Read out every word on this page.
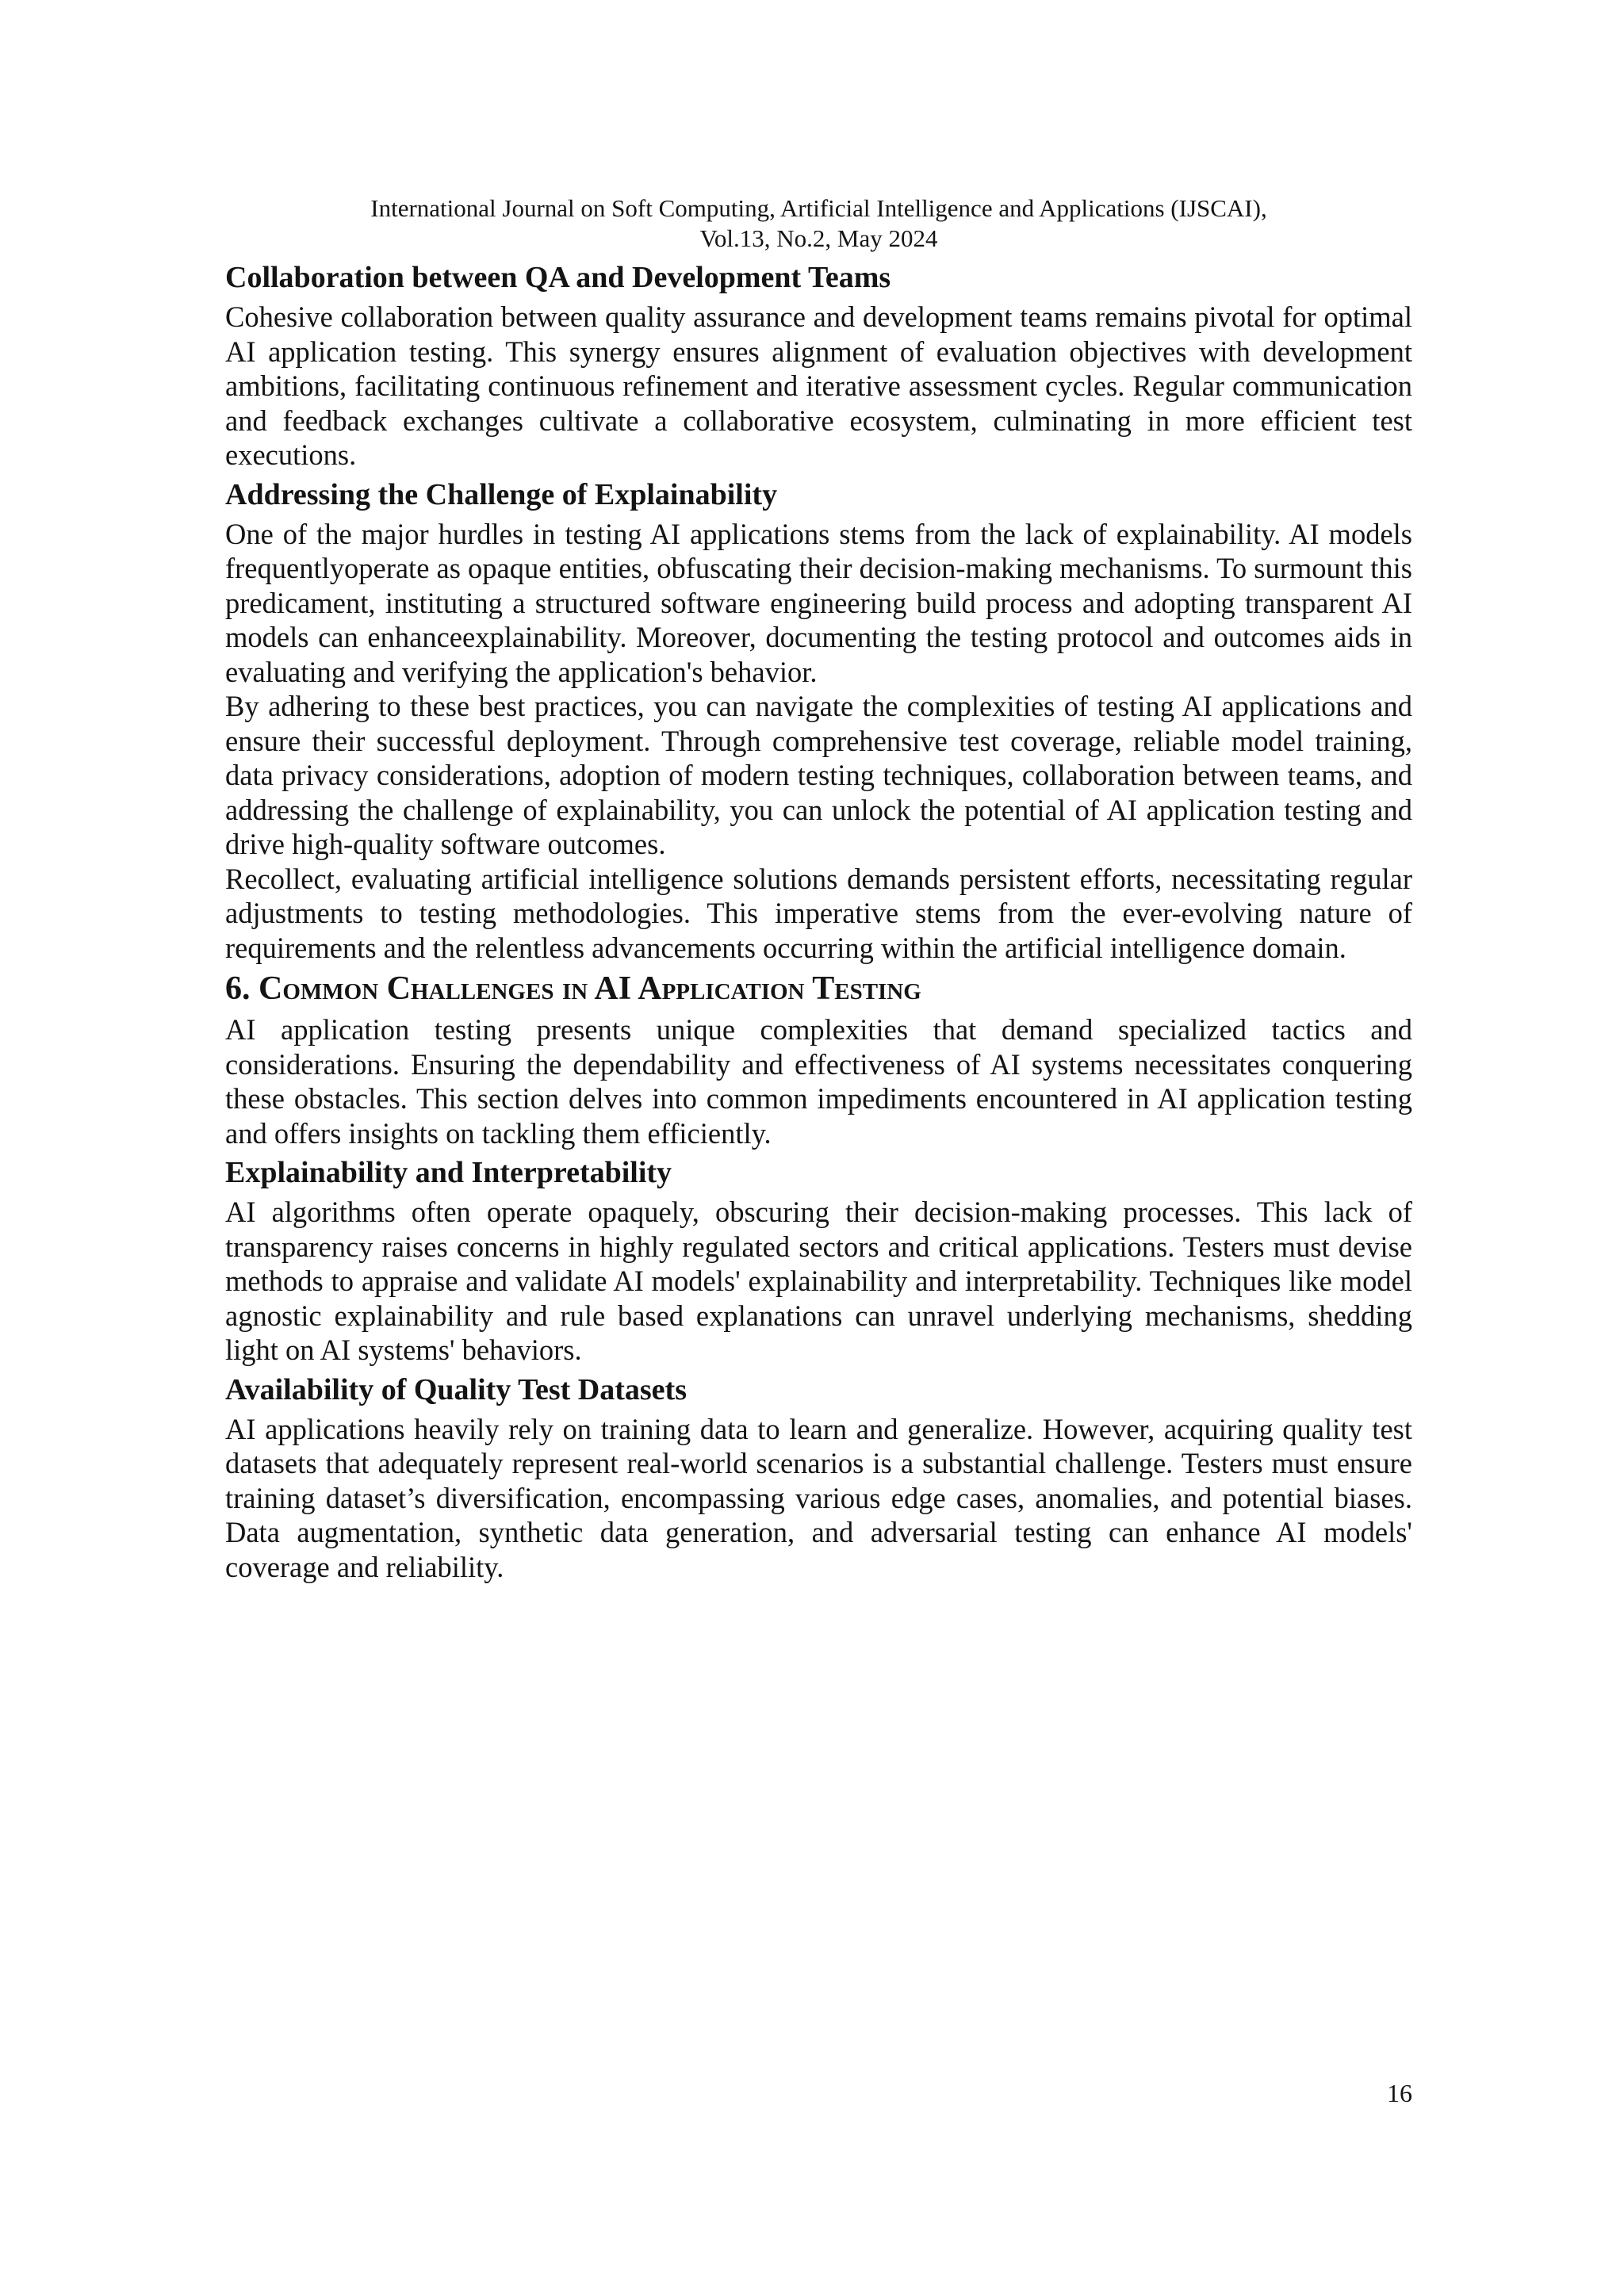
International Journal on Soft Computing, Artificial Intelligence and Applications (IJSCAI),
Vol.13, No.2, May 2024
Collaboration between QA and Development Teams

Cohesive collaboration between quality assurance and development teams remains pivotal for optimal AI application testing. This synergy ensures alignment of evaluation objectives with development ambitions, facilitating continuous refinement and iterative assessment cycles. Regular communication and feedback exchanges cultivate a collaborative ecosystem, culminating in more efficient test executions.

Addressing the Challenge of Explainability

One of the major hurdles in testing AI applications stems from the lack of explainability. AI models frequentlyoperate as opaque entities, obfuscating their decision-making mechanisms. To surmount this predicament, instituting a structured software engineering build process and adopting transparent AI models can enhanceexplainability. Moreover, documenting the testing protocol and outcomes aids in evaluating and verifying the application's behavior.

By adhering to these best practices, you can navigate the complexities of testing AI applications and ensure their successful deployment. Through comprehensive test coverage, reliable model training, data privacy considerations, adoption of modern testing techniques, collaboration between teams, and addressing the challenge of explainability, you can unlock the potential of AI application testing and drive high-quality software outcomes.

Recollect, evaluating artificial intelligence solutions demands persistent efforts, necessitating regular adjustments to testing methodologies. This imperative stems from the ever-evolving nature of requirements and the relentless advancements occurring within the artificial intelligence domain.

6. Common Challenges in AI Application Testing

AI application testing presents unique complexities that demand specialized tactics and considerations. Ensuring the dependability and effectiveness of AI systems necessitates conquering these obstacles. This section delves into common impediments encountered in AI application testing and offers insights on tackling them efficiently.

Explainability and Interpretability

AI algorithms often operate opaquely, obscuring their decision-making processes. This lack of transparency raises concerns in highly regulated sectors and critical applications. Testers must devise methods to appraise and validate AI models' explainability and interpretability. Techniques like model agnostic explainability and rule based explanations can unravel underlying mechanisms, shedding light on AI systems' behaviors.

Availability of Quality Test Datasets

AI applications heavily rely on training data to learn and generalize. However, acquiring quality test datasets that adequately represent real-world scenarios is a substantial challenge. Testers must ensure training dataset’s diversification, encompassing various edge cases, anomalies, and potential biases. Data augmentation, synthetic data generation, and adversarial testing can enhance AI models' coverage and reliability.

16
